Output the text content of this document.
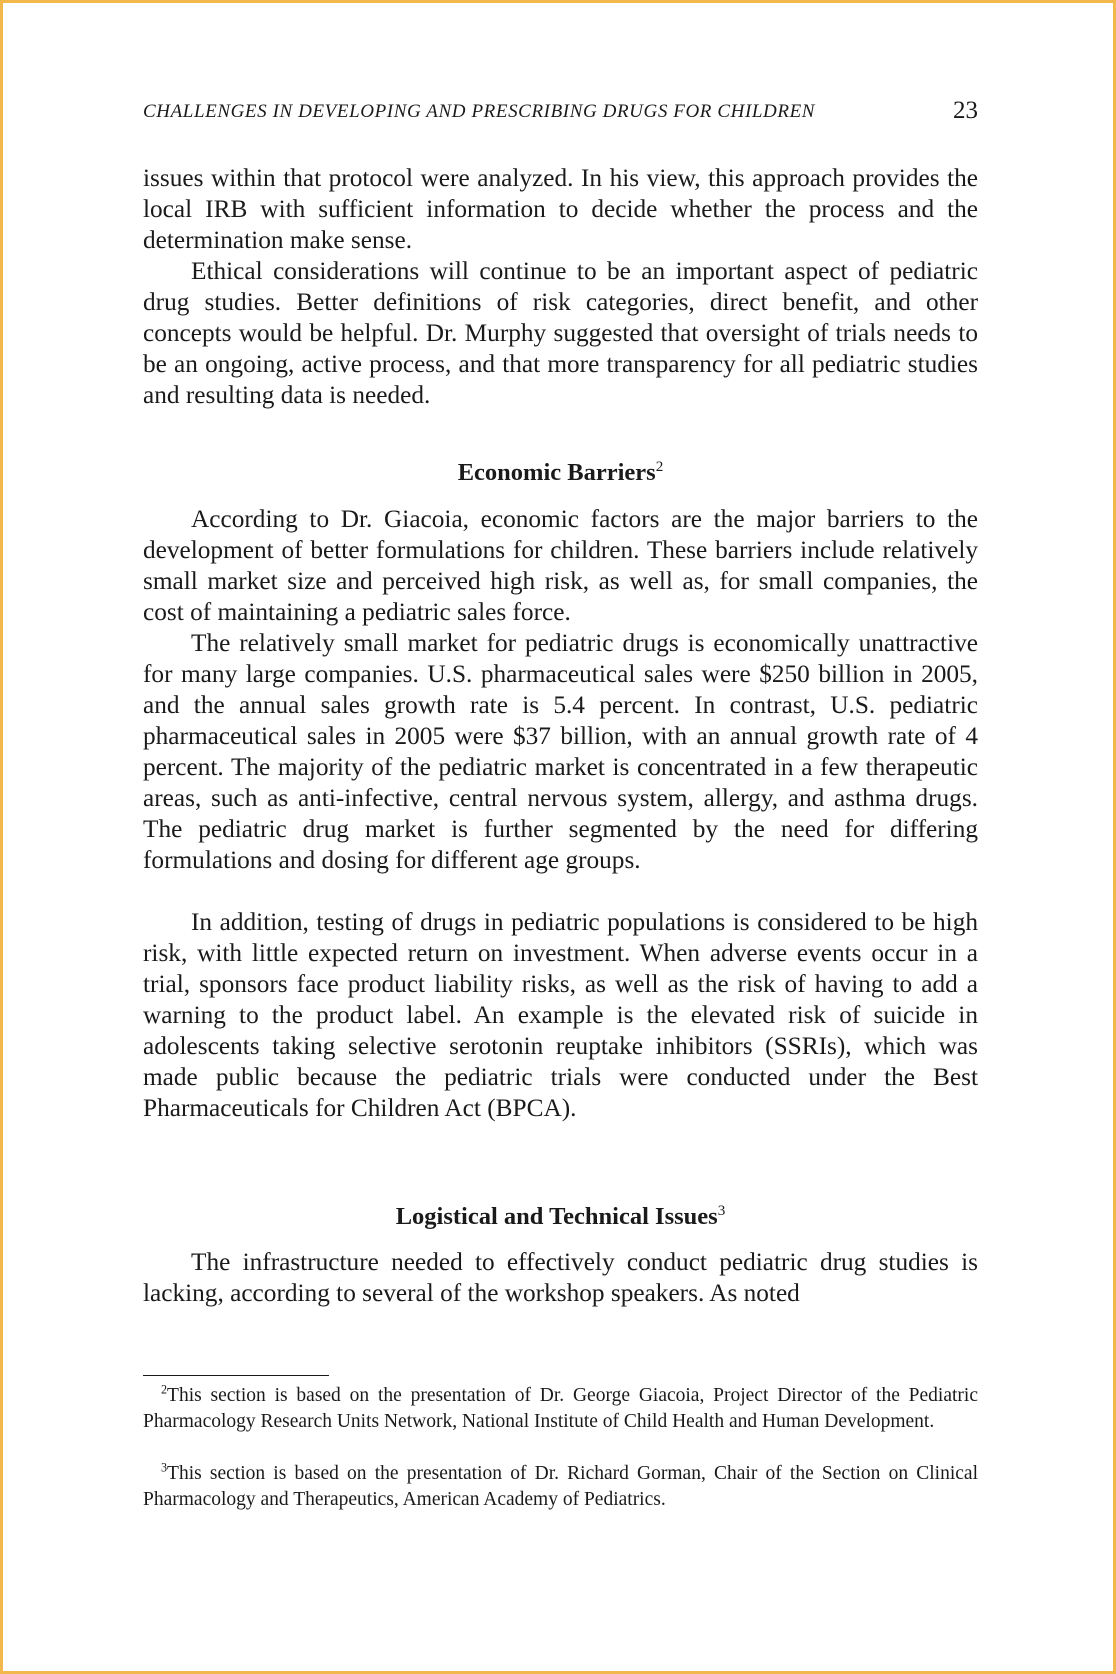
CHALLENGES IN DEVELOPING AND PRESCRIBING DRUGS FOR CHILDREN	23

issues within that protocol were analyzed. In his view, this approach provides the local IRB with sufficient information to decide whether the process and the determination make sense.

Ethical considerations will continue to be an important aspect of pediatric drug studies. Better definitions of risk categories, direct benefit, and other concepts would be helpful. Dr. Murphy suggested that oversight of trials needs to be an ongoing, active process, and that more transparency for all pediatric studies and resulting data is needed.

Economic Barriers$^2$

According to Dr. Giacoia, economic factors are the major barriers to the development of better formulations for children. These barriers include relatively small market size and perceived high risk, as well as, for small companies, the cost of maintaining a pediatric sales force.

The relatively small market for pediatric drugs is economically unattractive for many large companies. U.S. pharmaceutical sales were $250 billion in 2005, and the annual sales growth rate is 5.4 percent. In contrast, U.S. pediatric pharmaceutical sales in 2005 were $37 billion, with an annual growth rate of 4 percent. The majority of the pediatric market is concentrated in a few therapeutic areas, such as anti-infective, central nervous system, allergy, and asthma drugs. The pediatric drug market is further segmented by the need for differing formulations and dosing for different age groups.

In addition, testing of drugs in pediatric populations is considered to be high risk, with little expected return on investment. When adverse events occur in a trial, sponsors face product liability risks, as well as the risk of having to add a warning to the product label. An example is the elevated risk of suicide in adolescents taking selective serotonin reuptake inhibitors (SSRIs), which was made public because the pediatric trials were conducted under the Best Pharmaceuticals for Children Act (BPCA).

Logistical and Technical Issues$^3$

The infrastructure needed to effectively conduct pediatric drug studies is lacking, according to several of the workshop speakers. As noted

$^2$This section is based on the presentation of Dr. George Giacoia, Project Director of the Pediatric Pharmacology Research Units Network, National Institute of Child Health and Human Development.

$^3$This section is based on the presentation of Dr. Richard Gorman, Chair of the Section on Clinical Pharmacology and Therapeutics, American Academy of Pediatrics.
